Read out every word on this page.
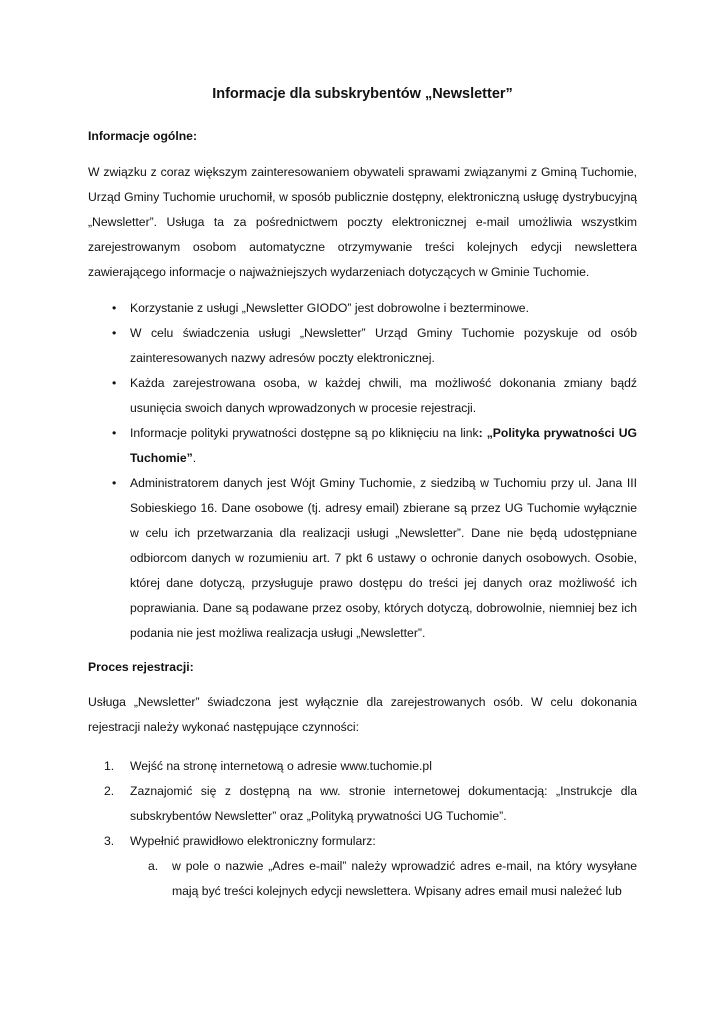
Informacje dla subskrybentów „Newsletter”
Informacje ogólne:

W związku z coraz większym zainteresowaniem obywateli sprawami związanymi z Gminą Tuchomie, Urząd Gminy Tuchomie uruchomił, w sposób publicznie dostępny, elektroniczną usługę dystrybucyjną „Newsletter”. Usługa ta za pośrednictwem poczty elektronicznej e-mail umożliwia wszystkim zarejestrowanym osobom automatyczne otrzymywanie treści kolejnych edycji newslettera zawierającego informacje o najważniejszych wydarzeniach dotyczących w Gminie Tuchomie.

• Korzystanie z usługi „Newsletter GIODO” jest dobrowolne i bezterminowe.
• W celu świadczenia usługi „Newsletter” Urząd Gminy Tuchomie pozyskuje od osób zainteresowanych nazwy adresów poczty elektronicznej.
• Każda zarejestrowana osoba, w każdej chwili, ma możliwość dokonania zmiany bądź usunięcia swoich danych wprowadzonych w procesie rejestracji.
• Informacje polityki prywatności dostępne są po kliknięciu na link: „Polityka prywatności UG Tuchomie”.
• Administratorem danych jest Wójt Gminy Tuchomie, z siedzibą w Tuchomiu przy ul. Jana III Sobieskiego 16. Dane osobowe (tj. adresy email) zbierane są przez UG Tuchomie wyłącznie w celu ich przetwarzania dla realizacji usługi „Newsletter”. Dane nie będą udostępniane odbiorcom danych w rozumieniu art. 7 pkt 6 ustawy o ochronie danych osobowych. Osobie, której dane dotyczą, przysługuje prawo dostępu do treści jej danych oraz możliwość ich poprawiania. Dane są podawane przez osoby, których dotyczą, dobrowolnie, niemniej bez ich podania nie jest możliwa realizacja usługi „Newsletter”.
Proces rejestracji:

Usługa „Newsletter” świadczona jest wyłącznie dla zarejestrowanych osób. W celu dokonania rejestracji należy wykonać następujące czynności:

1. Wejść na stronę internetową o adresie www.tuchomie.pl
2. Zaznajomić się z dostępną na ww. stronie internetowej dokumentacją: „Instrukcje dla subskrybentów Newsletter” oraz „Polityką prywatności UG Tuchomie”.
3. Wypełnić prawidłowo elektroniczny formularz:
a. w pole o nazwie „Adres e-mail” należy wprowadzić adres e-mail, na który wysyłane mają być treści kolejnych edycji newslettera. Wpisany adres email musi należeć lub
